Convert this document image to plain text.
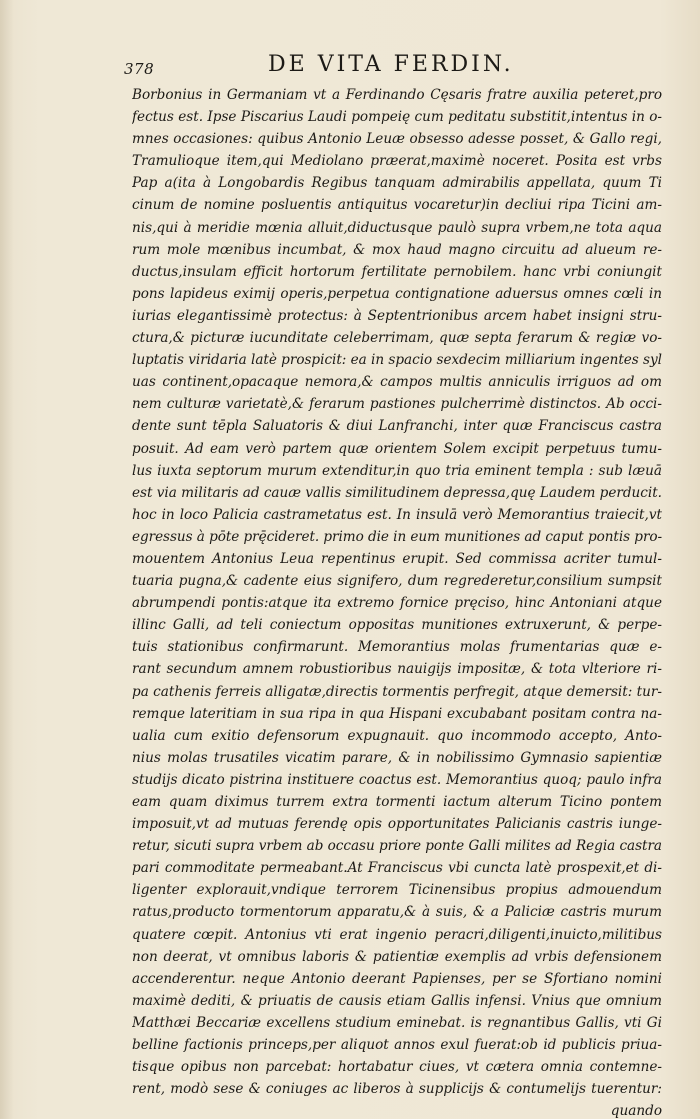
378	DE VITA FERDIN.
Borbonius in Germaniam vt a Ferdinando Cęsaris fratre auxilia peteret,pro
fectus est. Ipse Piscarius Laudi pompeię cum peditatu substitit,intentus in o-
mnes occasiones: quibus Antonio Leuæ obsesso adesse posset, & Gallo regi,
Tramulioque item,qui Mediolano præerat,maximè noceret. Posita est vrbs
Pap a(ita à Longobardis Regibus tanquam admirabilis appellata, quum Ti
cinum de nomine posluentis antiquitus vocaretur)in decliui ripa Ticini am-
nis,qui à meridie mœnia alluit,diductusque paulò supra vrbem,ne tota aqua
rum mole mœnibus incumbat, & mox haud magno circuitu ad alueum re-
ductus,insulam efficit hortorum fertilitate pernobilem. hanc vrbi coniungit
pons lapideus eximij operis,perpetua contignatione aduersus omnes cœli in
iurias elegantissimè protectus: à Septentrionibus arcem habet insigni stru-
ctura,& picturæ iucunditate celeberrimam, quæ septa ferarum & regiæ vo-
luptatis viridaria latè prospicit: ea in spacio sexdecim milliarium ingentes syl
uas continent,opacaque nemora,& campos multis anniculis irriguos ad om
nem culturæ varietatè,& ferarum pastiones pulcherrimè distinctos. Ab occi-
dente sunt tēpla Saluatoris & diui Lanfranchi, inter quæ Franciscus castra
posuit. Ad eam verò partem quæ orientem Solem excipit perpetuus tumu-
lus iuxta septorum murum extenditur,in quo tria eminent templa : sub læuā
est via militaris ad cauæ vallis similitudinem depressa,quę Laudem perducit.
hoc in loco Palicia castrametatus est. In insulā verò Memorantius traiecit,vt
egressus à pōte prę̄cideret. primo die in eum munitiones ad caput pontis pro-
mouentem Antonius Leua repentinus erupit. Sed commissa acriter tumul-
tuaria pugna,& cadente eius signifero, dum regrederetur,consilium sumpsit
abrumpendi pontis:atque ita extremo fornice pręciso, hinc Antoniani atque
illinc Galli, ad teli coniectum oppositas munitiones extruxerunt, & perpe-
tuis stationibus confirmarunt. Memorantius molas frumentarias quæ e-
rant secundum amnem robustioribus nauigijs impositæ, & tota vlteriore ri-
pa cathenis ferreis alligatæ,directis tormentis perfregit, atque demersit: tur-
remque lateritiam in sua ripa in qua Hispani excubabant positam contra na-
ualia cum exitio defensorum expugnauit. quo incommodo accepto, Anto-
nius molas trusatiles vicatim parare, & in nobilissimo Gymnasio sapientiæ
studijs dicato pistrina instituere coactus est. Memorantius quoq; paulo infra
eam quam diximus turrem extra tormenti iactum alterum Ticino pontem
imposuit,vt ad mutuas ferendę opis opportunitates Palicianis castris iunge-
retur, sicuti supra vrbem ab occasu priore ponte Galli milites ad Regia castra
pari commoditate permeabant.At Franciscus vbi cuncta latè prospexit,et di-
ligenter explorauit,vndique terrorem Ticinensibus propius admouendum
ratus,producto tormentorum apparatu,& à suis, & a Paliciæ castris murum
quatere cœpit. Antonius vti erat ingenio peracri,diligenti,inuicto,militibus
non deerat, vt omnibus laboris & patientiæ exemplis ad vrbis defensionem
accenderentur. neque Antonio deerant Papienses, per se Sfortiano nomini
maximè dediti, & priuatis de causis etiam Gallis infensi. Vnius que omnium
Matthæi Beccariæ excellens studium eminebat. is regnantibus Gallis, vti Gi
belline factionis princeps,per aliquot annos exul fuerat:ob id publicis priua-
tisque opibus non parcebat: hortabatur ciues, vt cætera omnia contemne-
rent, modò sese & coniuges ac liberos à supplicijs & contumelijs tuerentur:
quando
